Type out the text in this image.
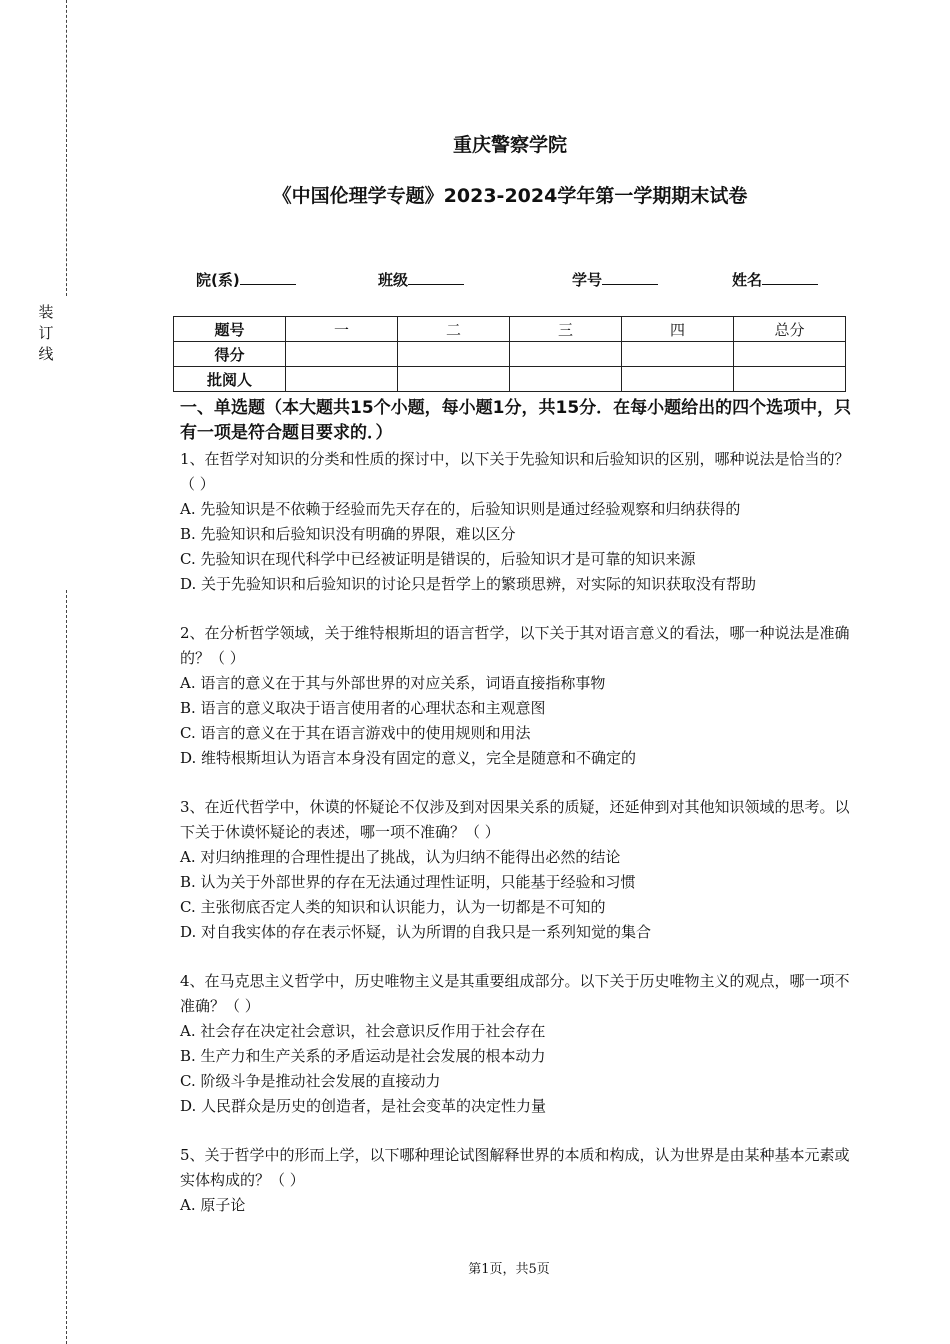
装订线
重庆警察学院
《中国伦理学专题》2023-2024学年第一学期期末试卷
院(系)	班级	学号	姓名
题号	一	二	三	四	总分
得分					
批阅人					
一、单选题（本大题共15个小题，每小题1分，共15分．在每小题给出的四个选项中，只有一项是符合题目要求的．）

1、在哲学对知识的分类和性质的探讨中，以下关于先验知识和后验知识的区别，哪种说法是恰当的？（ ）

A. 先验知识是不依赖于经验而先天存在的，后验知识则是通过经验观察和归纳获得的

B. 先验知识和后验知识没有明确的界限，难以区分

C. 先验知识在现代科学中已经被证明是错误的，后验知识才是可靠的知识来源

D. 关于先验知识和后验知识的讨论只是哲学上的繁琐思辨，对实际的知识获取没有帮助

2、在分析哲学领域，关于维特根斯坦的语言哲学，以下关于其对语言意义的看法，哪一种说法是准确的？（ ）

A. 语言的意义在于其与外部世界的对应关系，词语直接指称事物

B. 语言的意义取决于语言使用者的心理状态和主观意图

C. 语言的意义在于其在语言游戏中的使用规则和用法

D. 维特根斯坦认为语言本身没有固定的意义，完全是随意和不确定的

3、在近代哲学中，休谟的怀疑论不仅涉及到对因果关系的质疑，还延伸到对其他知识领域的思考。以下关于休谟怀疑论的表述，哪一项不准确？（ ）

A. 对归纳推理的合理性提出了挑战，认为归纳不能得出必然的结论

B. 认为关于外部世界的存在无法通过理性证明，只能基于经验和习惯

C. 主张彻底否定人类的知识和认识能力，认为一切都是不可知的

D. 对自我实体的存在表示怀疑，认为所谓的自我只是一系列知觉的集合

4、在马克思主义哲学中，历史唯物主义是其重要组成部分。以下关于历史唯物主义的观点，哪一项不准确？（ ）

A. 社会存在决定社会意识，社会意识反作用于社会存在

B. 生产力和生产关系的矛盾运动是社会发展的根本动力

C. 阶级斗争是推动社会发展的直接动力

D. 人民群众是历史的创造者，是社会变革的决定性力量

5、关于哲学中的形而上学，以下哪种理论试图解释世界的本质和构成，认为世界是由某种基本元素或实体构成的？（ ）

A. 原子论

第1页，共5页
